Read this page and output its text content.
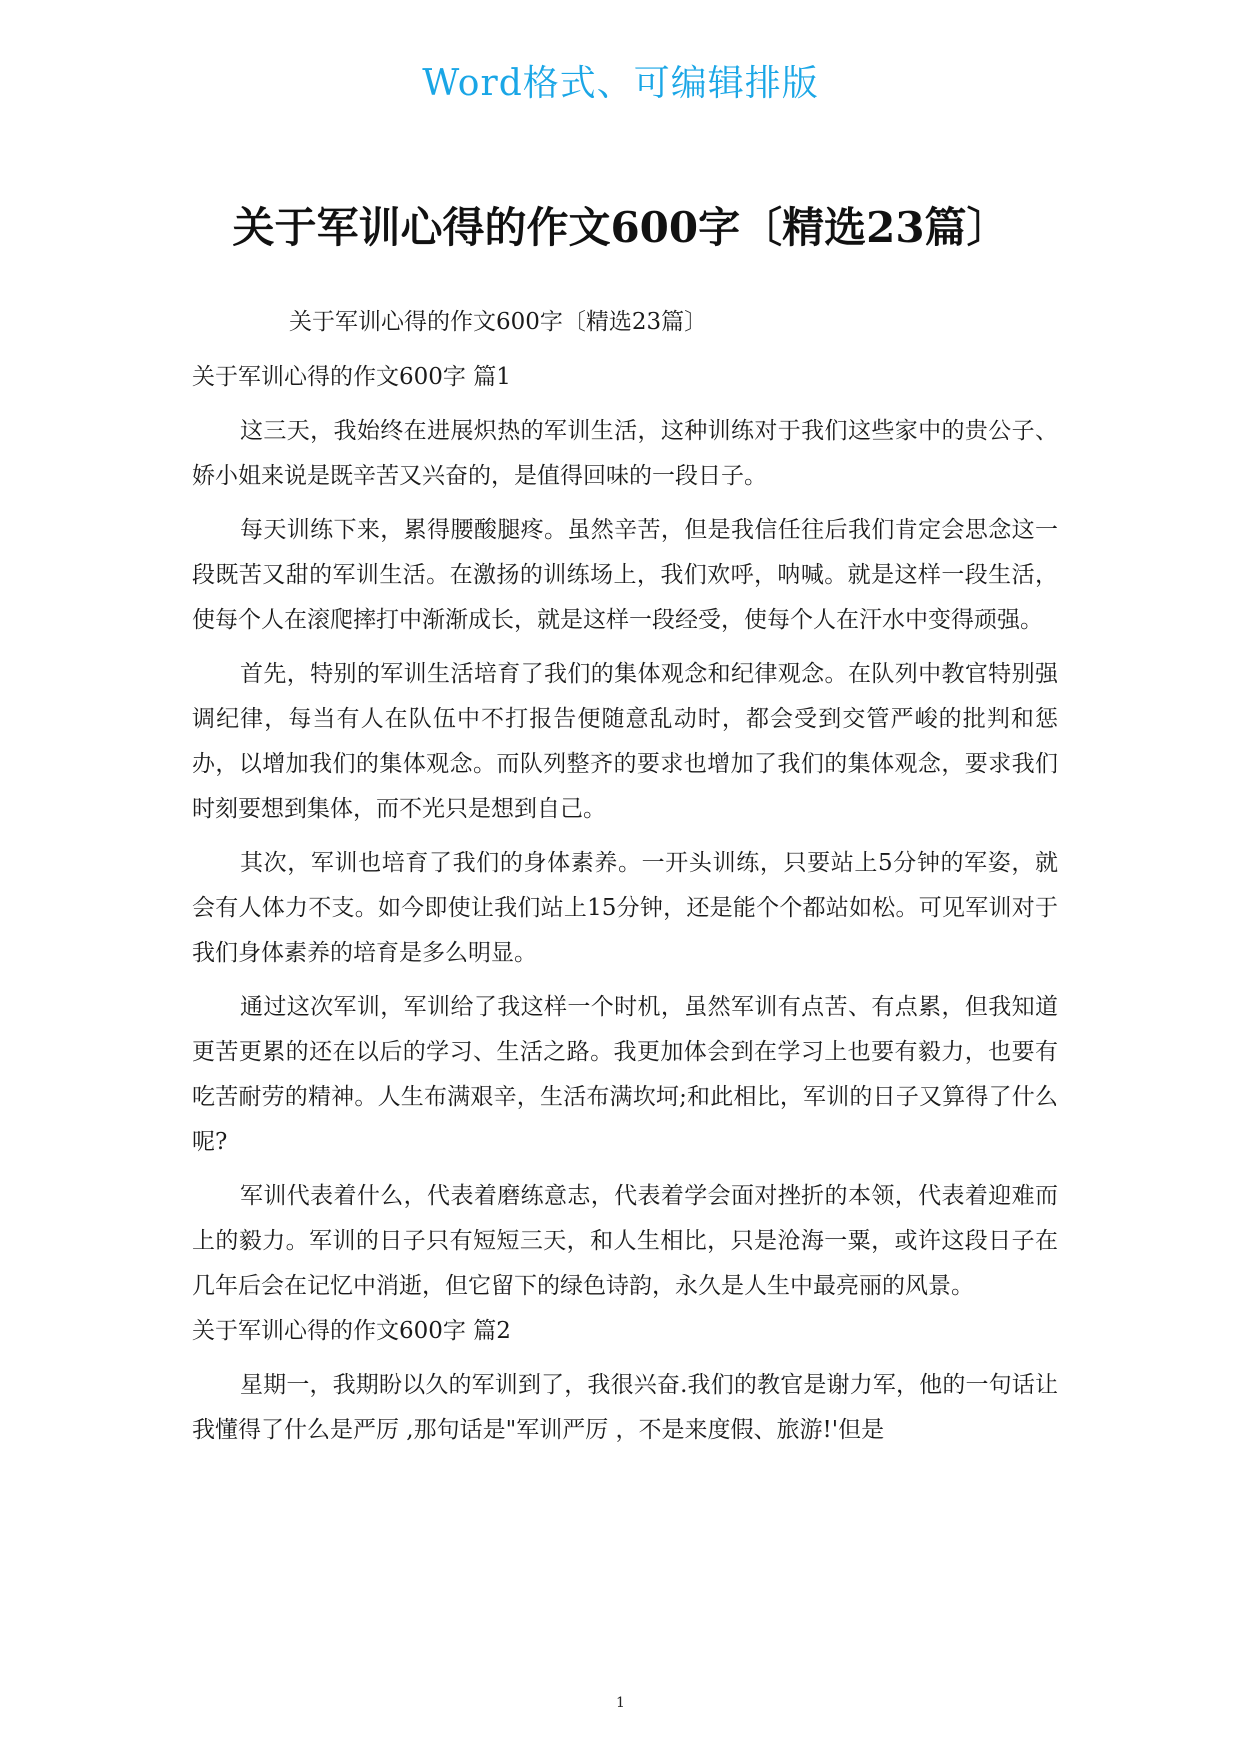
Word格式、可编辑排版
关于军训心得的作文600字〔精选23篇〕

关于军训心得的作文600字〔精选23篇〕

关于军训心得的作文600字 篇1

这三天，我始终在进展炽热的军训生活，这种训练对于我们这些家中的贵公子、娇小姐来说是既辛苦又兴奋的，是值得回味的一段日子。

每天训练下来，累得腰酸腿疼。虽然辛苦，但是我信任往后我们肯定会思念这一段既苦又甜的军训生活。在激扬的训练场上，我们欢呼，呐喊。就是这样一段生活，使每个人在滚爬摔打中渐渐成长，就是这样一段经受，使每个人在汗水中变得顽强。

首先，特别的军训生活培育了我们的集体观念和纪律观念。在队列中教官特别强调纪律，每当有人在队伍中不打报告便随意乱动时，都会受到交管严峻的批判和惩办，以增加我们的集体观念。而队列整齐的要求也增加了我们的集体观念，要求我们时刻要想到集体，而不光只是想到自己。

其次，军训也培育了我们的身体素养。一开头训练，只要站上5分钟的军姿，就会有人体力不支。如今即使让我们站上15分钟，还是能个个都站如松。可见军训对于我们身体素养的培育是多么明显。

通过这次军训，军训给了我这样一个时机，虽然军训有点苦、有点累，但我知道更苦更累的还在以后的学习、生活之路。我更加体会到在学习上也要有毅力，也要有吃苦耐劳的精神。人生布满艰辛，生活布满坎坷;和此相比，军训的日子又算得了什么呢?

军训代表着什么，代表着磨练意志，代表着学会面对挫折的本领，代表着迎难而上的毅力。军训的日子只有短短三天，和人生相比，只是沧海一粟，或许这段日子在几年后会在记忆中消逝，但它留下的绿色诗韵，永久是人生中最亮丽的风景。

关于军训心得的作文600字 篇2

星期一，我期盼以久的军训到了，我很兴奋.我们的教官是谢力军，他的一句话让我懂得了什么是严厉 ,那句话是"军训严厉 ，不是来度假、旅游!'但是

1
